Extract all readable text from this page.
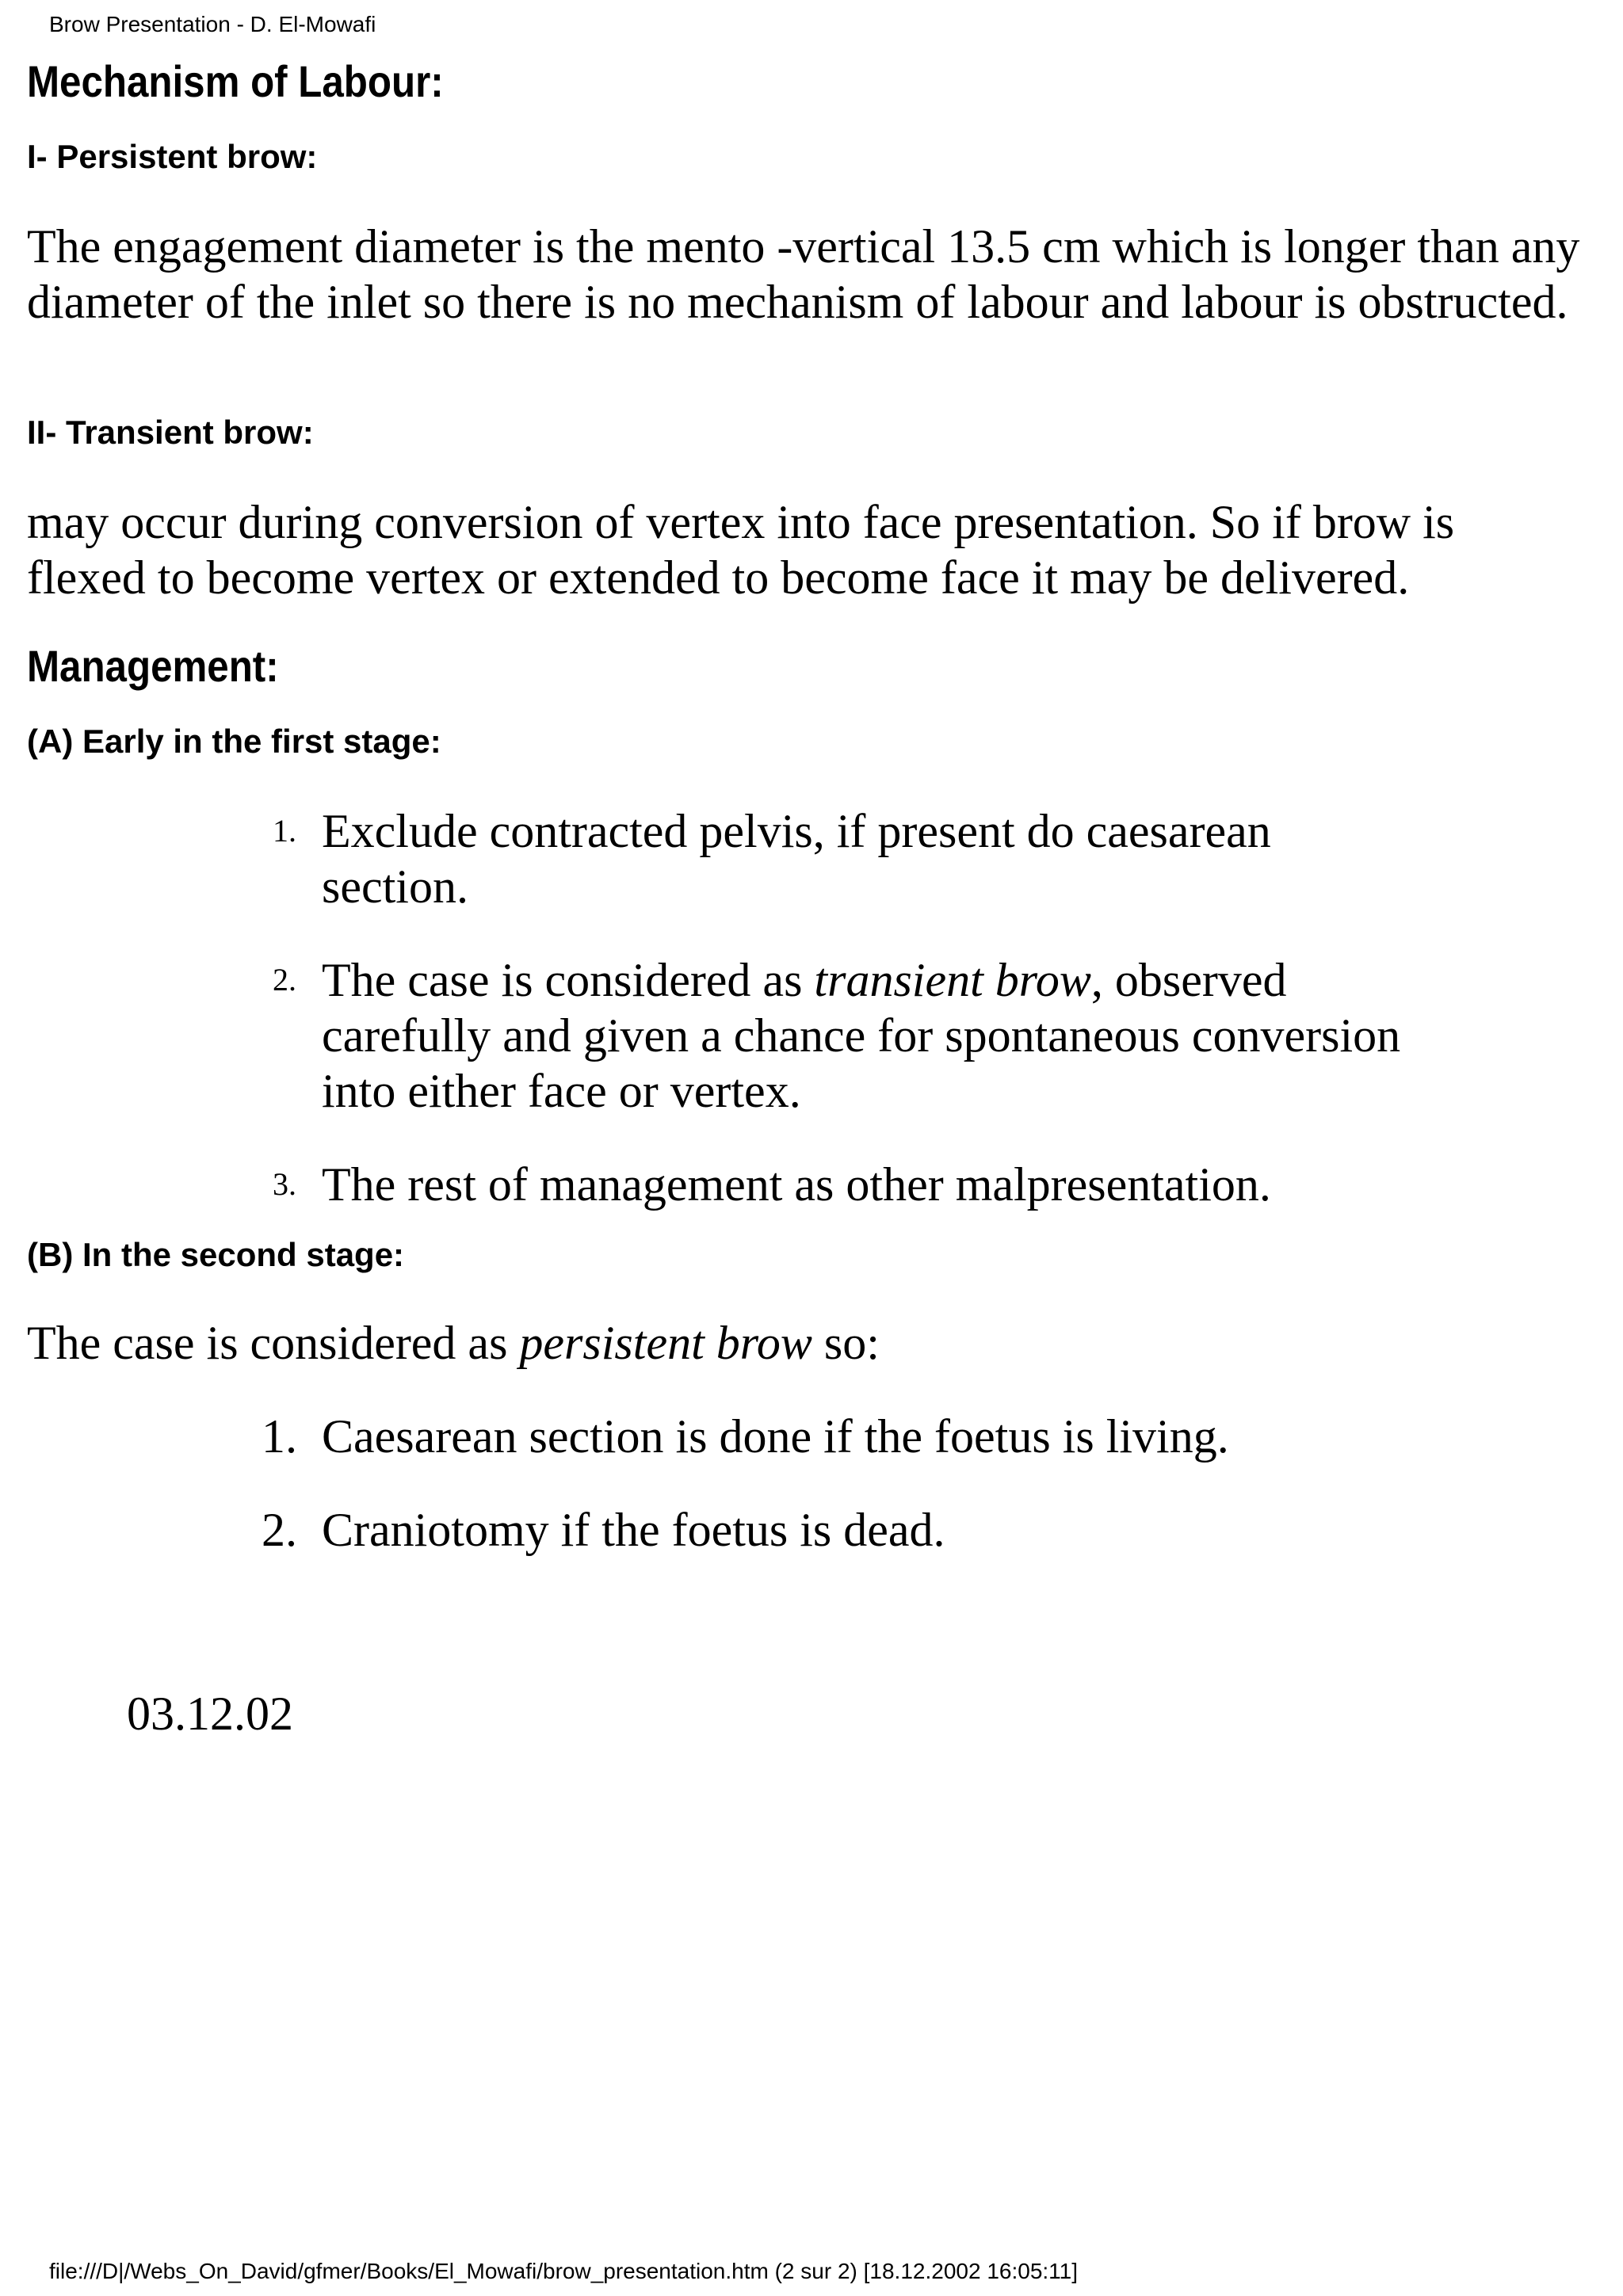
Brow Presentation - D. El-Mowafi
Mechanism of Labour:
I- Persistent brow:

The engagement diameter is the mento -vertical 13.5 cm which is longer than any diameter of the inlet so there is no mechanism of labour and labour is obstructed.

II- Transient brow:

may occur during conversion of vertex into face presentation. So if brow is flexed to become vertex or extended to become face it may be delivered.

Management:
(A) Early in the first stage:
1. Exclude contracted pelvis, if present do caesarean section.
2. The case is considered as transient brow, observed carefully and given a chance for spontaneous conversion into either face or vertex.
3. The rest of management as other malpresentation.
(B) In the second stage:

The case is considered as persistent brow so:

1. Caesarean section is done if the foetus is living.
2. Craniotomy if the foetus is dead.
03.12.02
file:///D|/Webs_On_David/gfmer/Books/El_Mowafi/brow_presentation.htm (2 sur 2) [18.12.2002 16:05:11]
